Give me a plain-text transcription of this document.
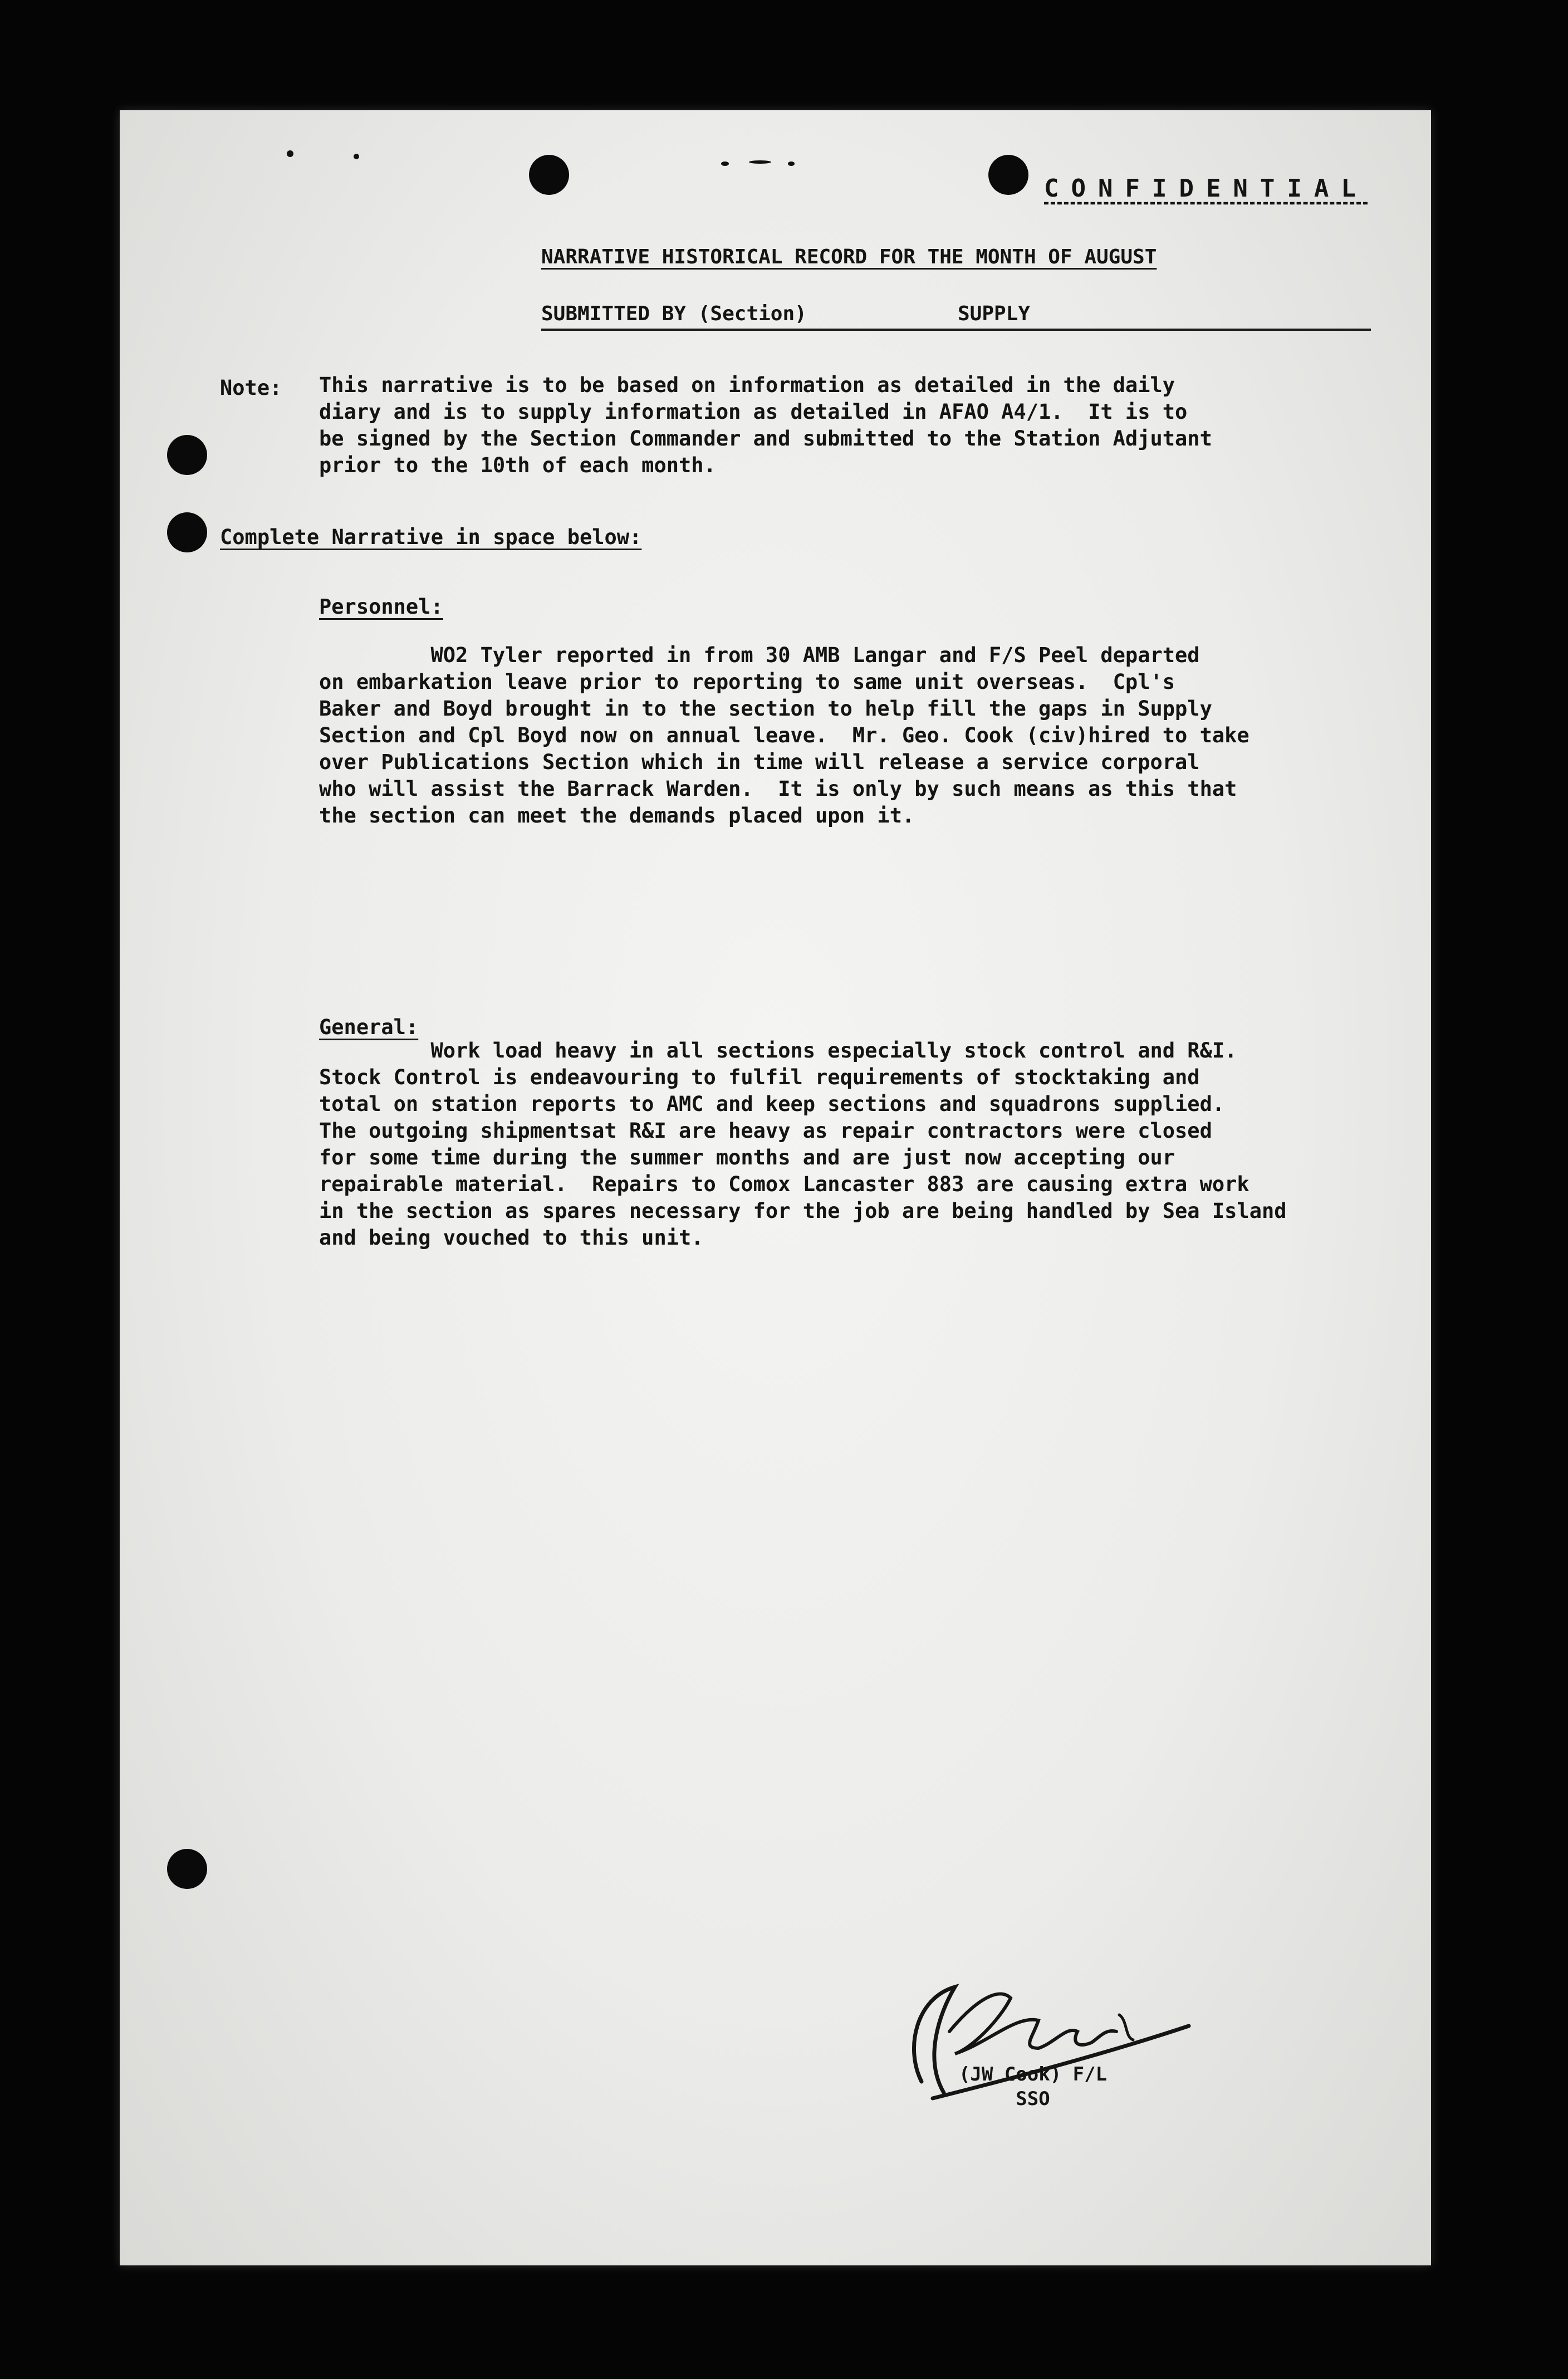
CONFIDENTIAL
NARRATIVE HISTORICAL RECORD FOR THE MONTH OF AUGUST
SUBMITTED BY (Section)	SUPPLY
Note: This narrative is to be based on information as detailed in the daily
diary and is to supply information as detailed in AFAO A4/1.  It is to
be signed by the Section Commander and submitted to the Station Adjutant
prior to the 10th of each month.
Complete Narrative in space below:
Personnel:
WO2 Tyler reported in from 30 AMB Langar and F/S Peel departed
on embarkation leave prior to reporting to same unit overseas.  Cpl's
Baker and Boyd brought in to the section to help fill the gaps in Supply
Section and Cpl Boyd now on annual leave.  Mr. Geo. Cook (civ)hired to take
over Publications Section which in time will release a service corporal
who will assist the Barrack Warden.  It is only by such means as this that
the section can meet the demands placed upon it.
General:
Work load heavy in all sections especially stock control and R&I.
Stock Control is endeavouring to fulfil requirements of stocktaking and
total on station reports to AMC and keep sections and squadrons supplied.
The outgoing shipmentsat R&I are heavy as repair contractors were closed
for some time during the summer months and are just now accepting our
repairable material.  Repairs to Comox Lancaster 883 are causing extra work
in the section as spares necessary for the job are being handled by Sea Island
and being vouched to this unit.
(JW Cook) F/L
SSO
